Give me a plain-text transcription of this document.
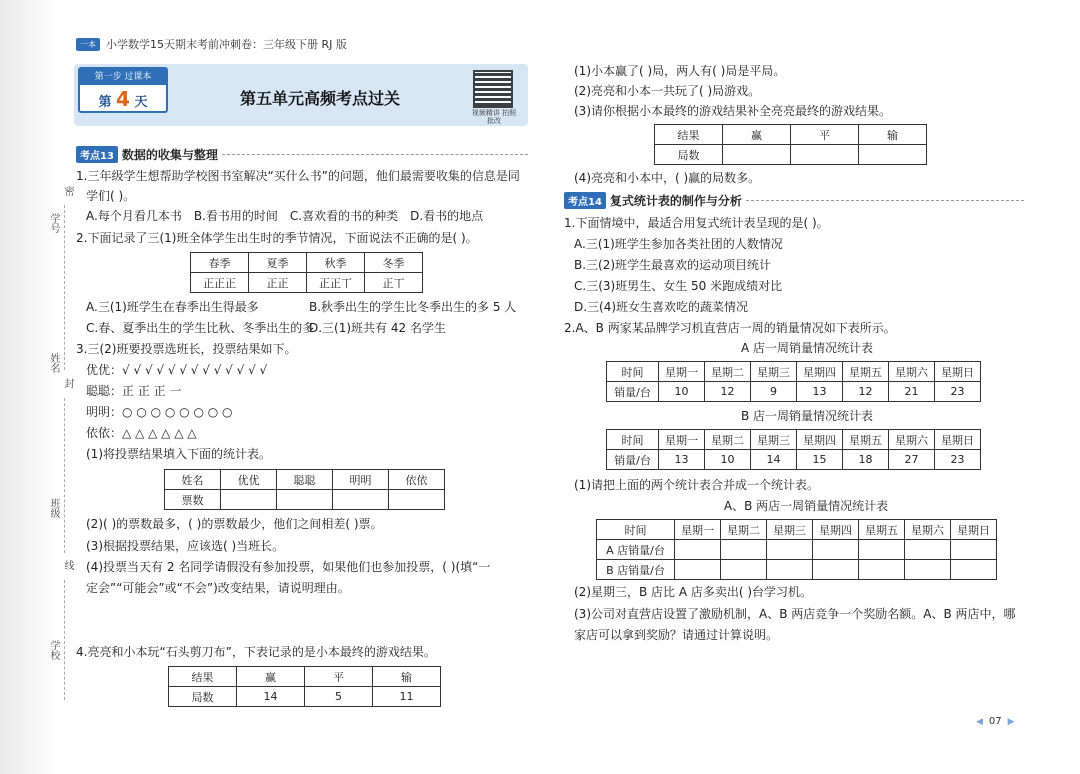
学号
姓名
班级
学校
密
封
线
一本 小学数学15天期末考前冲刺卷：三年级下册 RJ 版
第一步 过课本
第 4 天	第五单元高频考点过关
视频精讲 拍照批改
考点13 数据的收集与整理
1.三年级学生想帮助学校图书室解决“买什么书”的问题，他们最需要收集的信息是同
学们( )。
A.每个月看几本书 B.看书用的时间 C.喜欢看的书的种类 D.看书的地点
2.下面记录了三(1)班全体学生出生时的季节情况，下面说法不正确的是( )。
春季	夏季	秋季	冬季
正正正	正正	正正丅	正丅
A.三(1)班学生在春季出生得最多	B.秋季出生的学生比冬季出生的多 5 人
C.春、夏季出生的学生比秋、冬季出生的多
D.三(1)班共有 42 名学生
3.三(2)班要投票选班长，投票结果如下。
优优：√ √ √ √ √ √ √ √ √ √ √ √ √
聪聪：正 正 正 一
明明：○ ○ ○ ○ ○ ○ ○ ○
依依：△ △ △ △ △ △
(1)将投票结果填入下面的统计表。
姓名	优优	聪聪	明明	依依
票数				
(2)( )的票数最多，( )的票数最少，他们之间相差( )票。
(3)根据投票结果，应该选( )当班长。
(4)投票当天有 2 名同学请假没有参加投票，如果他们也参加投票，( )(填“一
定会”“可能会”或“不会”)改变结果，请说明理由。
4.亮亮和小本玩“石头剪刀布”，下表记录的是小本最终的游戏结果。
结果	赢	平	输
局数	14	5	11
(1)小本赢了( )局，两人有( )局是平局。
(2)亮亮和小本一共玩了( )局游戏。
(3)请你根据小本最终的游戏结果补全亮亮最终的游戏结果。
结果	赢	平	输
局数			
(4)亮亮和小本中，( )赢的局数多。
考点14 复式统计表的制作与分析
1.下面情境中，最适合用复式统计表呈现的是( )。
A.三(1)班学生参加各类社团的人数情况
B.三(2)班学生最喜欢的运动项目统计
C.三(3)班男生、女生 50 米跑成绩对比
D.三(4)班女生喜欢吃的蔬菜情况
2.A、B 两家某品牌学习机直营店一周的销量情况如下表所示。
A 店一周销量情况统计表
时间	星期一	星期二	星期三	星期四	星期五	星期六	星期日
销量/台	10	12	9	13	12	21	23
B 店一周销量情况统计表
时间	星期一	星期二	星期三	星期四	星期五	星期六	星期日
销量/台	13	10	14	15	18	27	23
(1)请把上面的两个统计表合并成一个统计表。
A、B 两店一周销量情况统计表
时间	星期一	星期二	星期三	星期四	星期五	星期六	星期日
A 店销量/台							
B 店销量/台							
(2)星期三，B 店比 A 店多卖出( )台学习机。
(3)公司对直营店设置了激励机制，A、B 两店竞争一个奖励名额。A、B 两店中，哪
家店可以拿到奖励？请通过计算说明。
◀ 07 ▶
